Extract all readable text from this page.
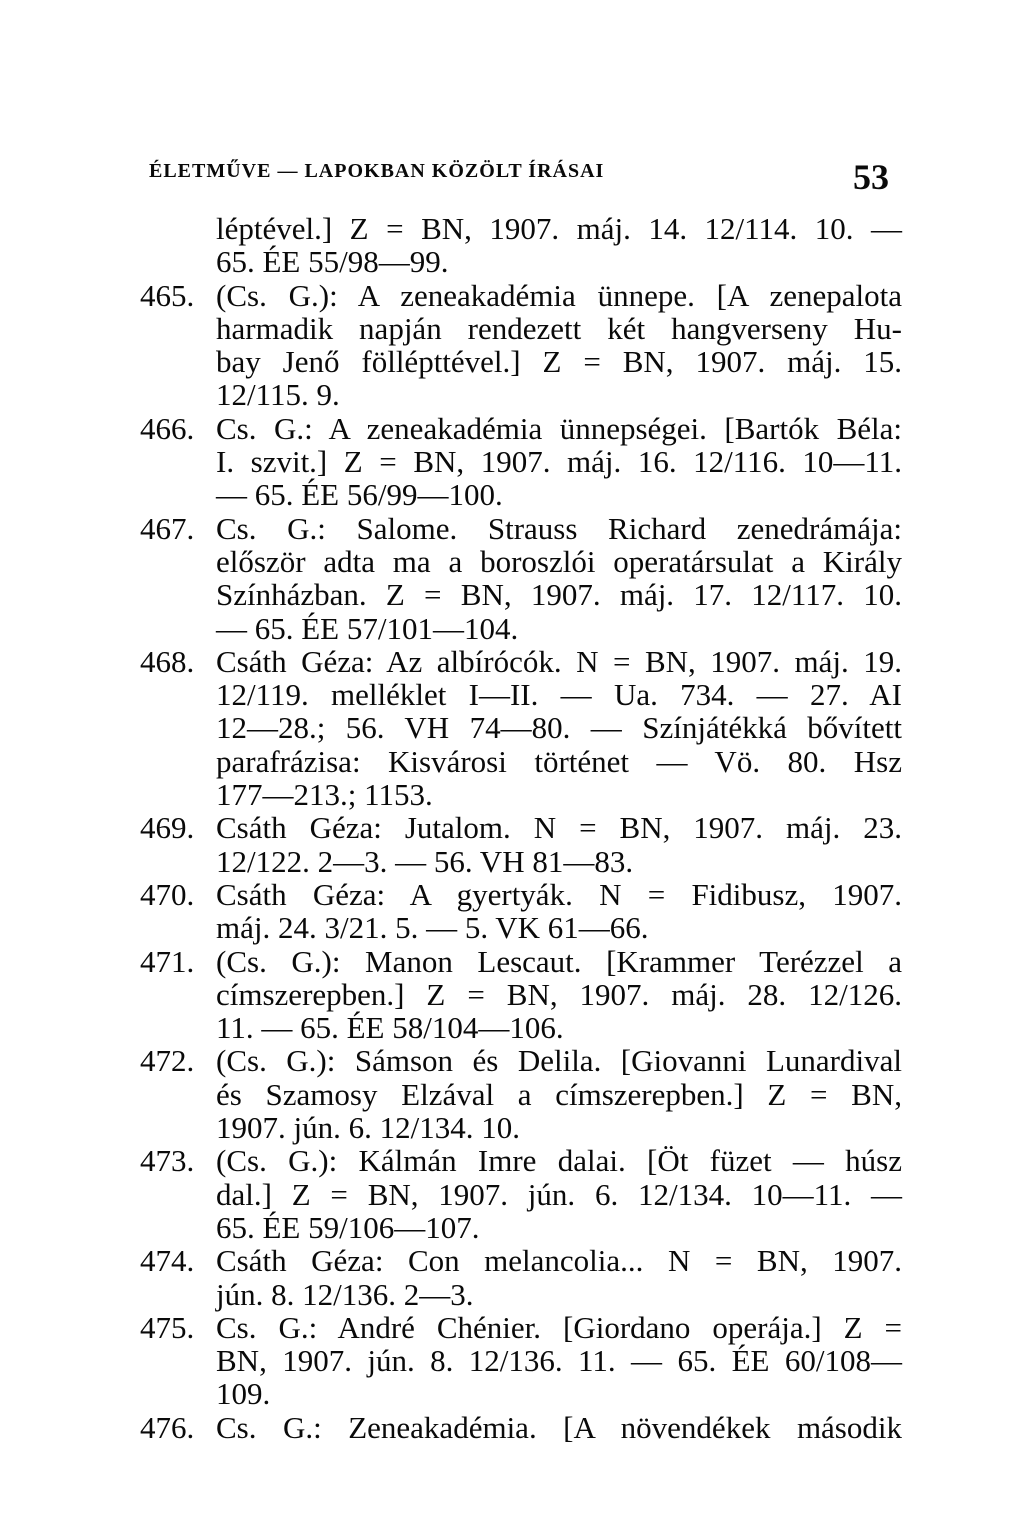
ÉLETMŰVE — LAPOKBAN KÖZÖLT ÍRÁSAI	53
léptével.] Z = BN, 1907. máj. 14. 12/114. 10. —
65. ÉE 55/98—99.
465. (Cs. G.): A zeneakadémia ünnepe. [A zenepalota
harmadik napján rendezett két hangverseny Hu-
bay Jenő föllépttével.] Z = BN, 1907. máj. 15.
12/115. 9.
466. Cs. G.: A zeneakadémia ünnepségei. [Bartók Béla:
I. szvit.] Z = BN, 1907. máj. 16. 12/116. 10—11.
— 65. ÉE 56/99—100.
467. Cs. G.: Salome. Strauss Richard zenedrámája:
először adta ma a boroszlói operatársulat a Király
Színházban. Z = BN, 1907. máj. 17. 12/117. 10.
— 65. ÉE 57/101—104.
468. Csáth Géza: Az albírócók. N = BN, 1907. máj. 19.
12/119. melléklet I—II. — Ua. 734. — 27. AI
12—28.; 56. VH 74—80. — Színjátékká bővített
parafrázisa: Kisvárosi történet — Vö. 80. Hsz
177—213.; 1153.
469. Csáth Géza: Jutalom. N = BN, 1907. máj. 23.
12/122. 2—3. — 56. VH 81—83.
470. Csáth Géza: A gyertyák. N = Fidibusz, 1907.
máj. 24. 3/21. 5. — 5. VK 61—66.
471. (Cs. G.): Manon Lescaut. [Krammer Terézzel a
címszerepben.] Z = BN, 1907. máj. 28. 12/126.
11. — 65. ÉE 58/104—106.
472. (Cs. G.): Sámson és Delila. [Giovanni Lunardival
és Szamosy Elzával a címszerepben.] Z = BN,
1907. jún. 6. 12/134. 10.
473. (Cs. G.): Kálmán Imre dalai. [Öt füzet — húsz
dal.] Z = BN, 1907. jún. 6. 12/134. 10—11. —
65. ÉE 59/106—107.
474. Csáth Géza: Con melancolia... N = BN, 1907.
jún. 8. 12/136. 2—3.
475. Cs. G.: André Chénier. [Giordano operája.] Z =
BN, 1907. jún. 8. 12/136. 11. — 65. ÉE 60/108—
109.
476. Cs. G.: Zeneakadémia. [A növendékek második
